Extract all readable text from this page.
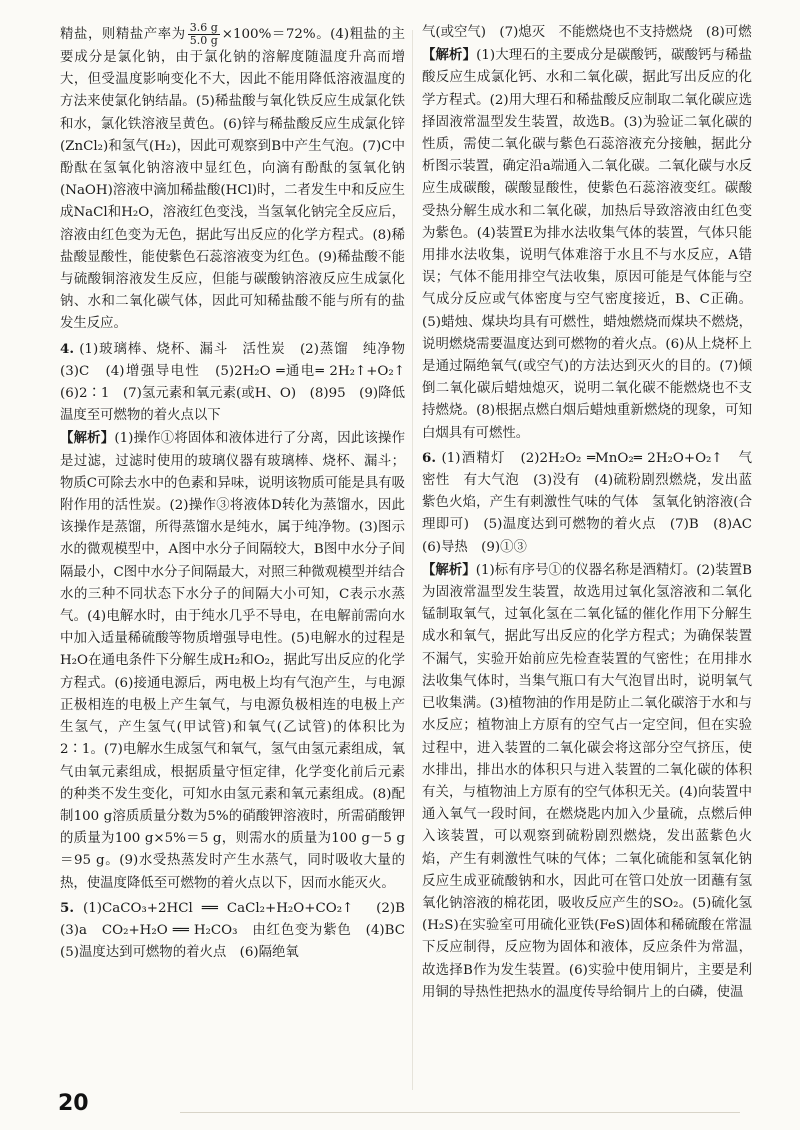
精盐，则精盐产率为 $\frac{3.6 g}{5.0 g} \times 100\%=72\%$。(4)粗盐的主要成分是氯化钠，由于氯化钠的溶解度随温度升高而增大，但受温度影响变化不大，因此不能用降低溶液温度的方法来使氯化钠结晶。(5)稀盐酸与氧化铁反应生成氯化铁和水，氯化铁溶液呈黄色。(6)锌与稀盐酸反应生成氯化锌(ZnCl₂)和氢气(H₂)，因此可观察到B中产生气泡。(7)C中酚酞在氢氧化钠溶液中显红色，向滴有酚酞的氢氧化钠(NaOH)溶液中滴加稀盐酸(HCl)时，二者发生中和反应生成NaCl和H₂O，溶液红色变浅，当氢氧化钠完全反应后，溶液由红色变为无色，据此写出反应的化学方程式。(8)稀盐酸显酸性，能使紫色石蕊溶液变为红色。(9)稀盐酸不能与硫酸铜溶液发生反应，但能与碳酸钠溶液反应生成氯化钠、水和二氧化碳气体，因此可知稀盐酸不能与所有的盐发生反应。

4. (1)玻璃棒、烧杯、漏斗　活性炭　(2)蒸馏　纯净物　(3)C　(4)增强导电性　(5)2H₂O ═通电═ 2H₂↑+O₂↑　(6)2∶1　(7)氢元素和氧元素(或H、O)　(8)95　(9)降低温度至可燃物的着火点以下

【解析】(1)操作①将固体和液体进行了分离，因此该操作是过滤，过滤时使用的玻璃仪器有玻璃棒、烧杯、漏斗；物质C可除去水中的色素和异味，说明该物质可能是具有吸附作用的活性炭。(2)操作③将液体D转化为蒸馏水，因此该操作是蒸馏，所得蒸馏水是纯水，属于纯净物。(3)图示水的微观模型中，A图中水分子间隔较大，B图中水分子间隔最小，C图中水分子间隔最大，对照三种微观模型并结合水的三种不同状态下水分子的间隔大小可知，C表示水蒸气。(4)电解水时，由于纯水几乎不导电，在电解前需向水中加入适量稀硫酸等物质增强导电性。(5)电解水的过程是H₂O在通电条件下分解生成H₂和O₂，据此写出反应的化学方程式。(6)接通电源后，两电极上均有气泡产生，与电源正极相连的电极上产生氧气，与电源负极相连的电极上产生氢气，产生氢气(甲试管)和氧气(乙试管)的体积比为2∶1。(7)电解水生成氢气和氧气，氢气由氢元素组成，氧气由氧元素组成，根据质量守恒定律，化学变化前后元素的种类不发生变化，可知水由氢元素和氧元素组成。(8)配制100 g溶质质量分数为5%的硝酸钾溶液时，所需硝酸钾的质量为100 g×5%＝5 g，则需水的质量为100 g－5 g＝95 g。(9)水受热蒸发时产生水蒸气，同时吸收大量的热，使温度降低至可燃物的着火点以下，因而水能灭火。

5. (1)CaCO₃+2HCl ══ CaCl₂+H₂O+CO₂↑　(2)B　(3)a　CO₂+H₂O ══ H₂CO₃　由红色变为紫色　(4)BC　(5)温度达到可燃物的着火点　(6)隔绝氧

气(或空气)　(7)熄灭　不能燃烧也不支持燃烧　(8)可燃

【解析】(1)大理石的主要成分是碳酸钙，碳酸钙与稀盐酸反应生成氯化钙、水和二氧化碳，据此写出反应的化学方程式。(2)用大理石和稀盐酸反应制取二氧化碳应选择固液常温型发生装置，故选B。(3)为验证二氧化碳的性质，需使二氧化碳与紫色石蕊溶液充分接触，据此分析图示装置，确定沿a端通入二氧化碳。二氧化碳与水反应生成碳酸，碳酸显酸性，使紫色石蕊溶液变红。碳酸受热分解生成水和二氧化碳，加热后导致溶液由红色变为紫色。(4)装置E为排水法收集气体的装置，气体只能用排水法收集，说明气体难溶于水且不与水反应，A错误；气体不能用排空气法收集，原因可能是气体能与空气成分反应或气体密度与空气密度接近，B、C正确。(5)蜡烛、煤块均具有可燃性，蜡烛燃烧而煤块不燃烧，说明燃烧需要温度达到可燃物的着火点。(6)从上烧杯上是通过隔绝氧气(或空气)的方法达到灭火的目的。(7)倾倒二氧化碳后蜡烛熄灭，说明二氧化碳不能燃烧也不支持燃烧。(8)根据点燃白烟后蜡烛重新燃烧的现象，可知白烟具有可燃性。

6. (1)酒精灯　(2)2H₂O₂ ═MnO₂═ 2H₂O+O₂↑　气密性　有大气泡　(3)没有　(4)硫粉剧烈燃烧，发出蓝紫色火焰，产生有刺激性气味的气体　氢氧化钠溶液(合理即可)　(5)温度达到可燃物的着火点　(7)B　(8)AC　(6)导热　(9)①③

【解析】(1)标有序号①的仪器名称是酒精灯。(2)装置B为固液常温型发生装置，故选用过氧化氢溶液和二氧化锰制取氧气，过氧化氢在二氧化锰的催化作用下分解生成水和氧气，据此写出反应的化学方程式；为确保装置不漏气，实验开始前应先检查装置的气密性；在用排水法收集气体时，当集气瓶口有大气泡冒出时，说明氧气已收集满。(3)植物油的作用是防止二氧化碳溶于水和与水反应；植物油上方原有的空气占一定空间，但在实验过程中，进入装置的二氧化碳会将这部分空气挤压，使水排出，排出水的体积只与进入装置的二氧化碳的体积有关，与植物油上方原有的空气体积无关。(4)向装置中通入氧气一段时间，在燃烧匙内加入少量硫，点燃后伸入该装置，可以观察到硫粉剧烈燃烧，发出蓝紫色火焰，产生有刺激性气味的气体；二氧化硫能和氢氧化钠反应生成亚硫酸钠和水，因此可在管口处放一团蘸有氢氧化钠溶液的棉花团，吸收反应产生的SO₂。(5)硫化氢(H₂S)在实验室可用硫化亚铁(FeS)固体和稀硫酸在常温下反应制得，反应物为固体和液体，反应条件为常温，故选择B作为发生装置。(6)实验中使用铜片，主要是利用铜的导热性把热水的温度传导给铜片上的白磷，使温

20
